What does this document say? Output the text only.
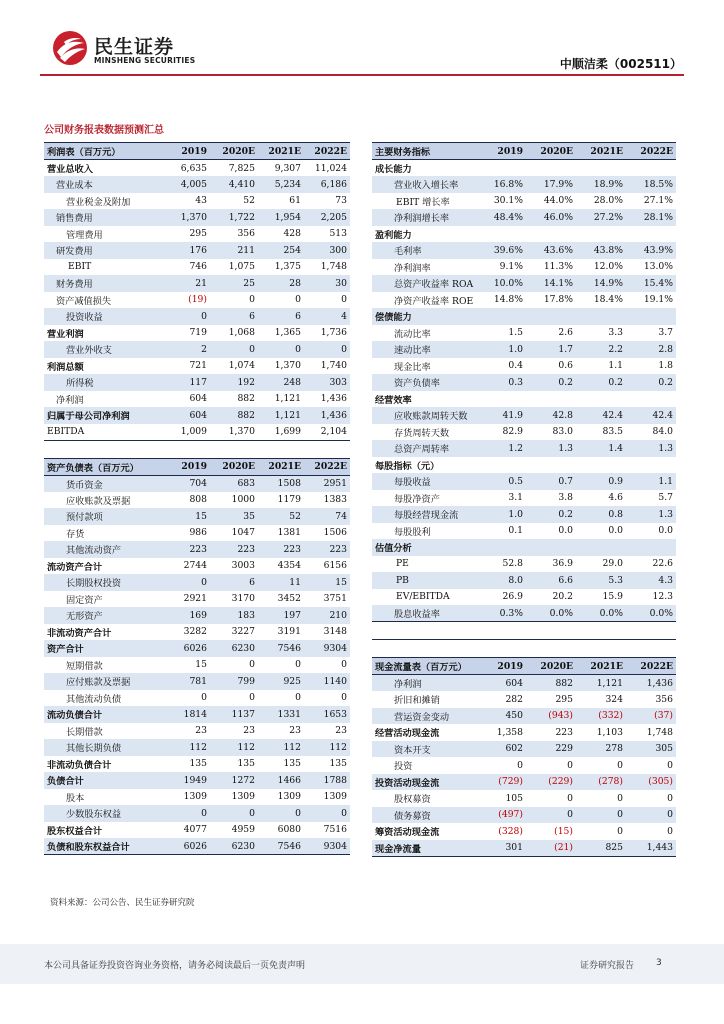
民生证券
MINSHENG SECURITIES	中顺洁柔（002511）
公司财务报表数据预测汇总
利润表（百万元）	2019	2020E	2021E	2022E
营业总收入	6,635	7,825	9,307	11,024
营业成本	4,005	4,410	5,234	6,186
营业税金及附加	43	52	61	73
销售费用	1,370	1,722	1,954	2,205
管理费用	295	356	428	513
研发费用	176	211	254	300
EBIT	746	1,075	1,375	1,748
财务费用	21	25	28	30
资产减值损失	(19)	0	0	0
投资收益	0	6	6	4
营业利润	719	1,068	1,365	1,736
营业外收支	2	0	0	0
利润总额	721	1,074	1,370	1,740
所得税	117	192	248	303
净利润	604	882	1,121	1,436
归属于母公司净利润	604	882	1,121	1,436
EBITDA	1,009	1,370	1,699	2,104

资产负债表（百万元）	2019	2020E	2021E	2022E
货币资金	704	683	1508	2951
应收账款及票据	808	1000	1179	1383
预付款项	15	35	52	74
存货	986	1047	1381	1506
其他流动资产	223	223	223	223
流动资产合计	2744	3003	4354	6156
长期股权投资	0	6	11	15
固定资产	2921	3170	3452	3751
无形资产	169	183	197	210
非流动资产合计	3282	3227	3191	3148
资产合计	6026	6230	7546	9304
短期借款	15	0	0	0
应付账款及票据	781	799	925	1140
其他流动负债	0	0	0	0
流动负债合计	1814	1137	1331	1653
长期借款	23	23	23	23
其他长期负债	112	112	112	112
非流动负债合计	135	135	135	135
负债合计	1949	1272	1466	1788
股本	1309	1309	1309	1309
少数股东权益	0	0	0	0
股东权益合计	4077	4959	6080	7516
负债和股东权益合计	6026	6230	7546	9304
主要财务指标	2019	2020E	2021E	2022E
成长能力				
营业收入增长率	16.8%	17.9%	18.9%	18.5%
EBIT 增长率	30.1%	44.0%	28.0%	27.1%
净利润增长率	48.4%	46.0%	27.2%	28.1%
盈利能力				
毛利率	39.6%	43.6%	43.8%	43.9%
净利润率	9.1%	11.3%	12.0%	13.0%
总资产收益率 ROA	10.0%	14.1%	14.9%	15.4%
净资产收益率 ROE	14.8%	17.8%	18.4%	19.1%
偿债能力				
流动比率	1.5	2.6	3.3	3.7
速动比率	1.0	1.7	2.2	2.8
现金比率	0.4	0.6	1.1	1.8
资产负债率	0.3	0.2	0.2	0.2
经营效率				
应收账款周转天数	41.9	42.8	42.4	42.4
存货周转天数	82.9	83.0	83.5	84.0
总资产周转率	1.2	1.3	1.4	1.3
每股指标（元）				
每股收益	0.5	0.7	0.9	1.1
每股净资产	3.1	3.8	4.6	5.7
每股经营现金流	1.0	0.2	0.8	1.3
每股股利	0.1	0.0	0.0	0.0
估值分析				
PE	52.8	36.9	29.0	22.6
PB	8.0	6.6	5.3	4.3
EV/EBITDA	26.9	20.2	15.9	12.3
股息收益率	0.3%	0.0%	0.0%	0.0%

现金流量表（百万元）	2019	2020E	2021E	2022E
净利润	604	882	1,121	1,436
折旧和摊销	282	295	324	356
营运资金变动	450	(943)	(332)	(37)
经营活动现金流	1,358	223	1,103	1,748
资本开支	602	229	278	305
投资	0	0	0	0
投资活动现金流	(729)	(229)	(278)	(305)
股权募资	105	0	0	0
债务募资	(497)	0	0	0
筹资活动现金流	(328)	(15)	0	0
现金净流量	301	(21)	825	1,443
资料来源：公司公告、民生证券研究院
本公司具备证券投资咨询业务资格，请务必阅读最后一页免责声明	证券研究报告 3
